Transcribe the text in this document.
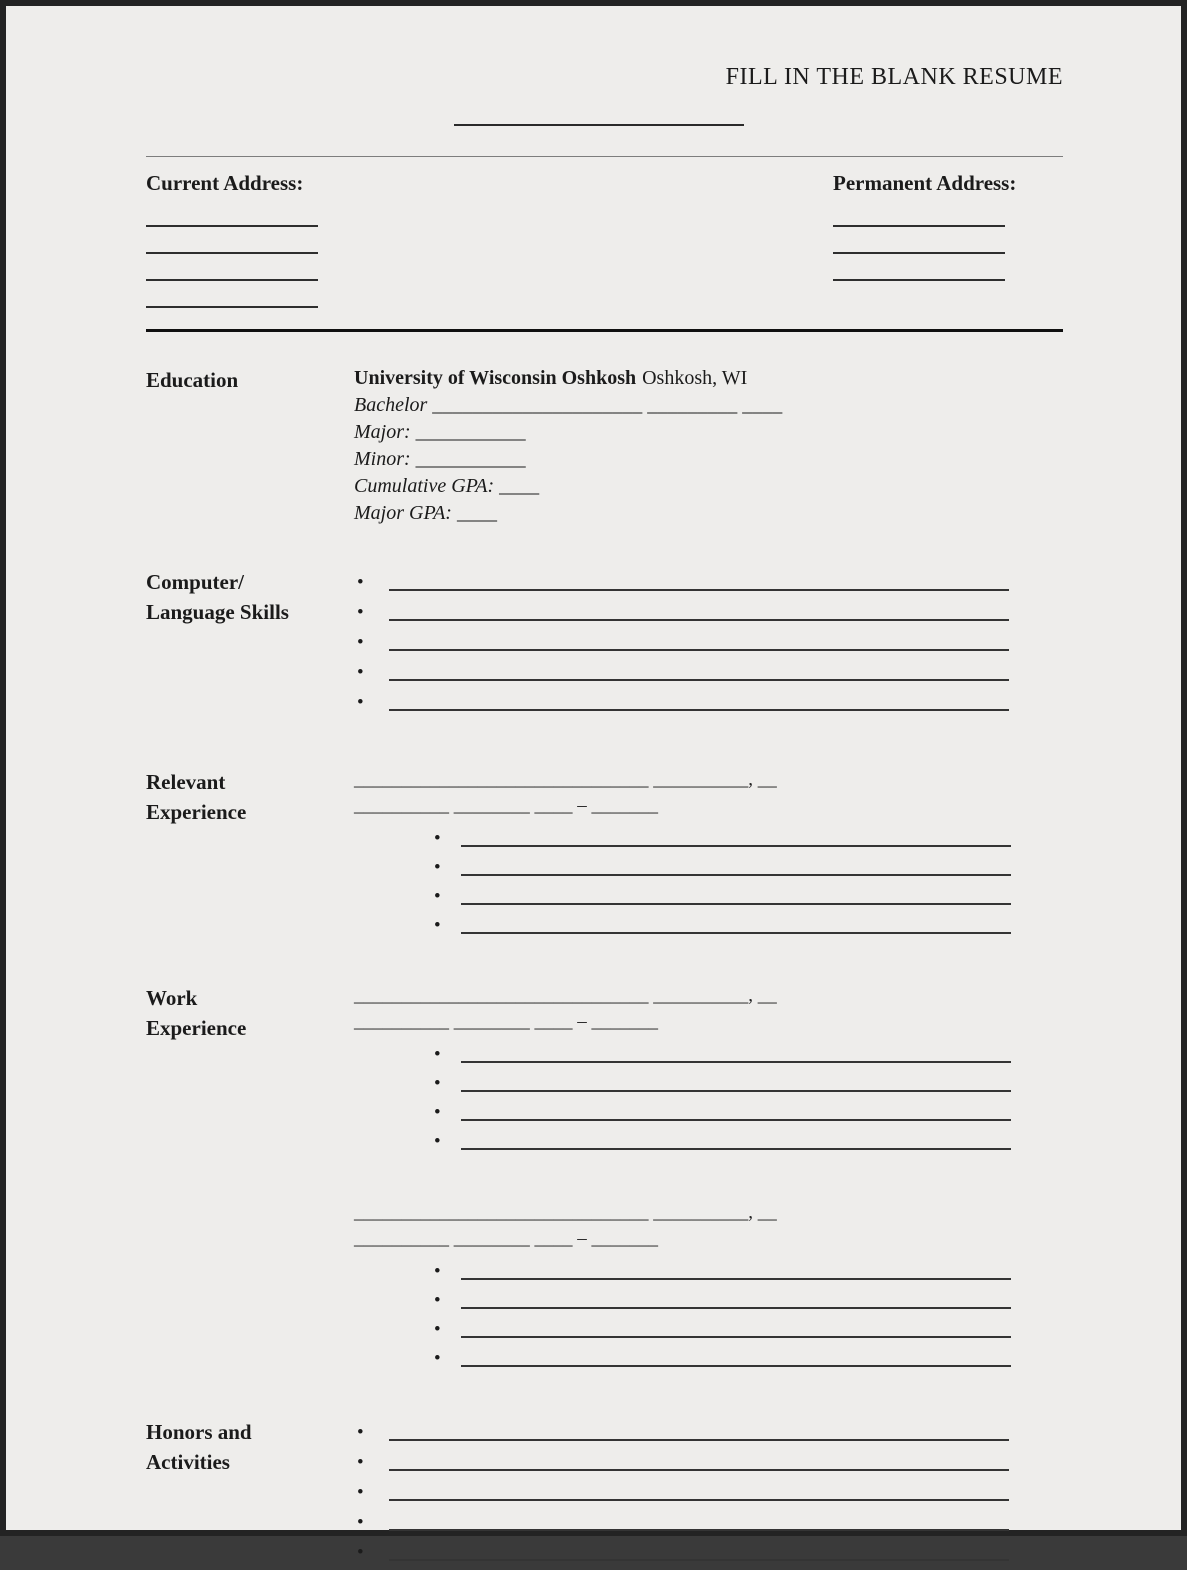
FILL IN THE BLANK RESUME
Current Address:	Permanent Address:
Education	University of Wisconsin Oshkosh Oshkosh, WI
Bachelor _____________________ _________ ____
Major: ___________
Minor: ___________
Cumulative GPA: ____
Major GPA: ____
Computer/
Language Skills
•
•
•
•
•
Relevant
Experience
_______________________________ __________, __
__________ ________ ____ – _______
•
•
•
•
Work
Experience
_______________________________ __________, __
__________ ________ ____ – _______
•
•
•
•
_______________________________ __________, __
__________ ________ ____ – _______
•
•
•
•
Honors and
Activities
•
•
•
•
•
